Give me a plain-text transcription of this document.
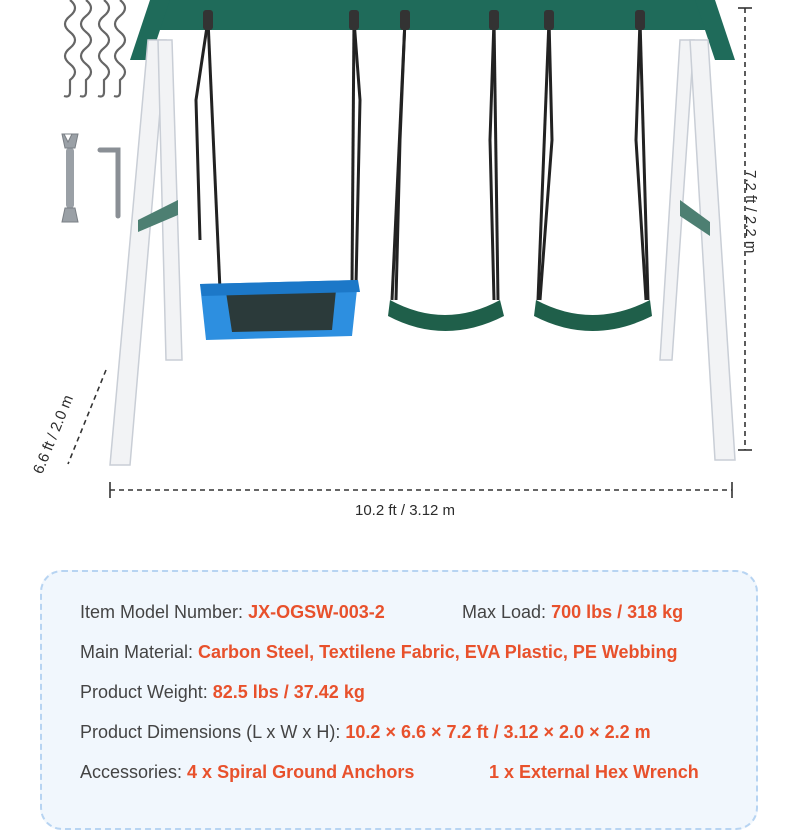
10.2 ft / 3.12 m
7.2 ft / 2.2 m
6.6 ft / 2.0 m
Item Model Number: JX-OGSW-003-2	Max Load: 700 lbs / 318 kg
Main Material: Carbon Steel, Textilene Fabric, EVA Plastic, PE Webbing
Product Weight: 82.5 lbs / 37.42 kg
Product Dimensions (L x W x H): 10.2 × 6.6 × 7.2 ft / 3.12 × 2.0 × 2.2 m
Accessories: 4 x Spiral Ground Anchors	1 x External Hex Wrench
